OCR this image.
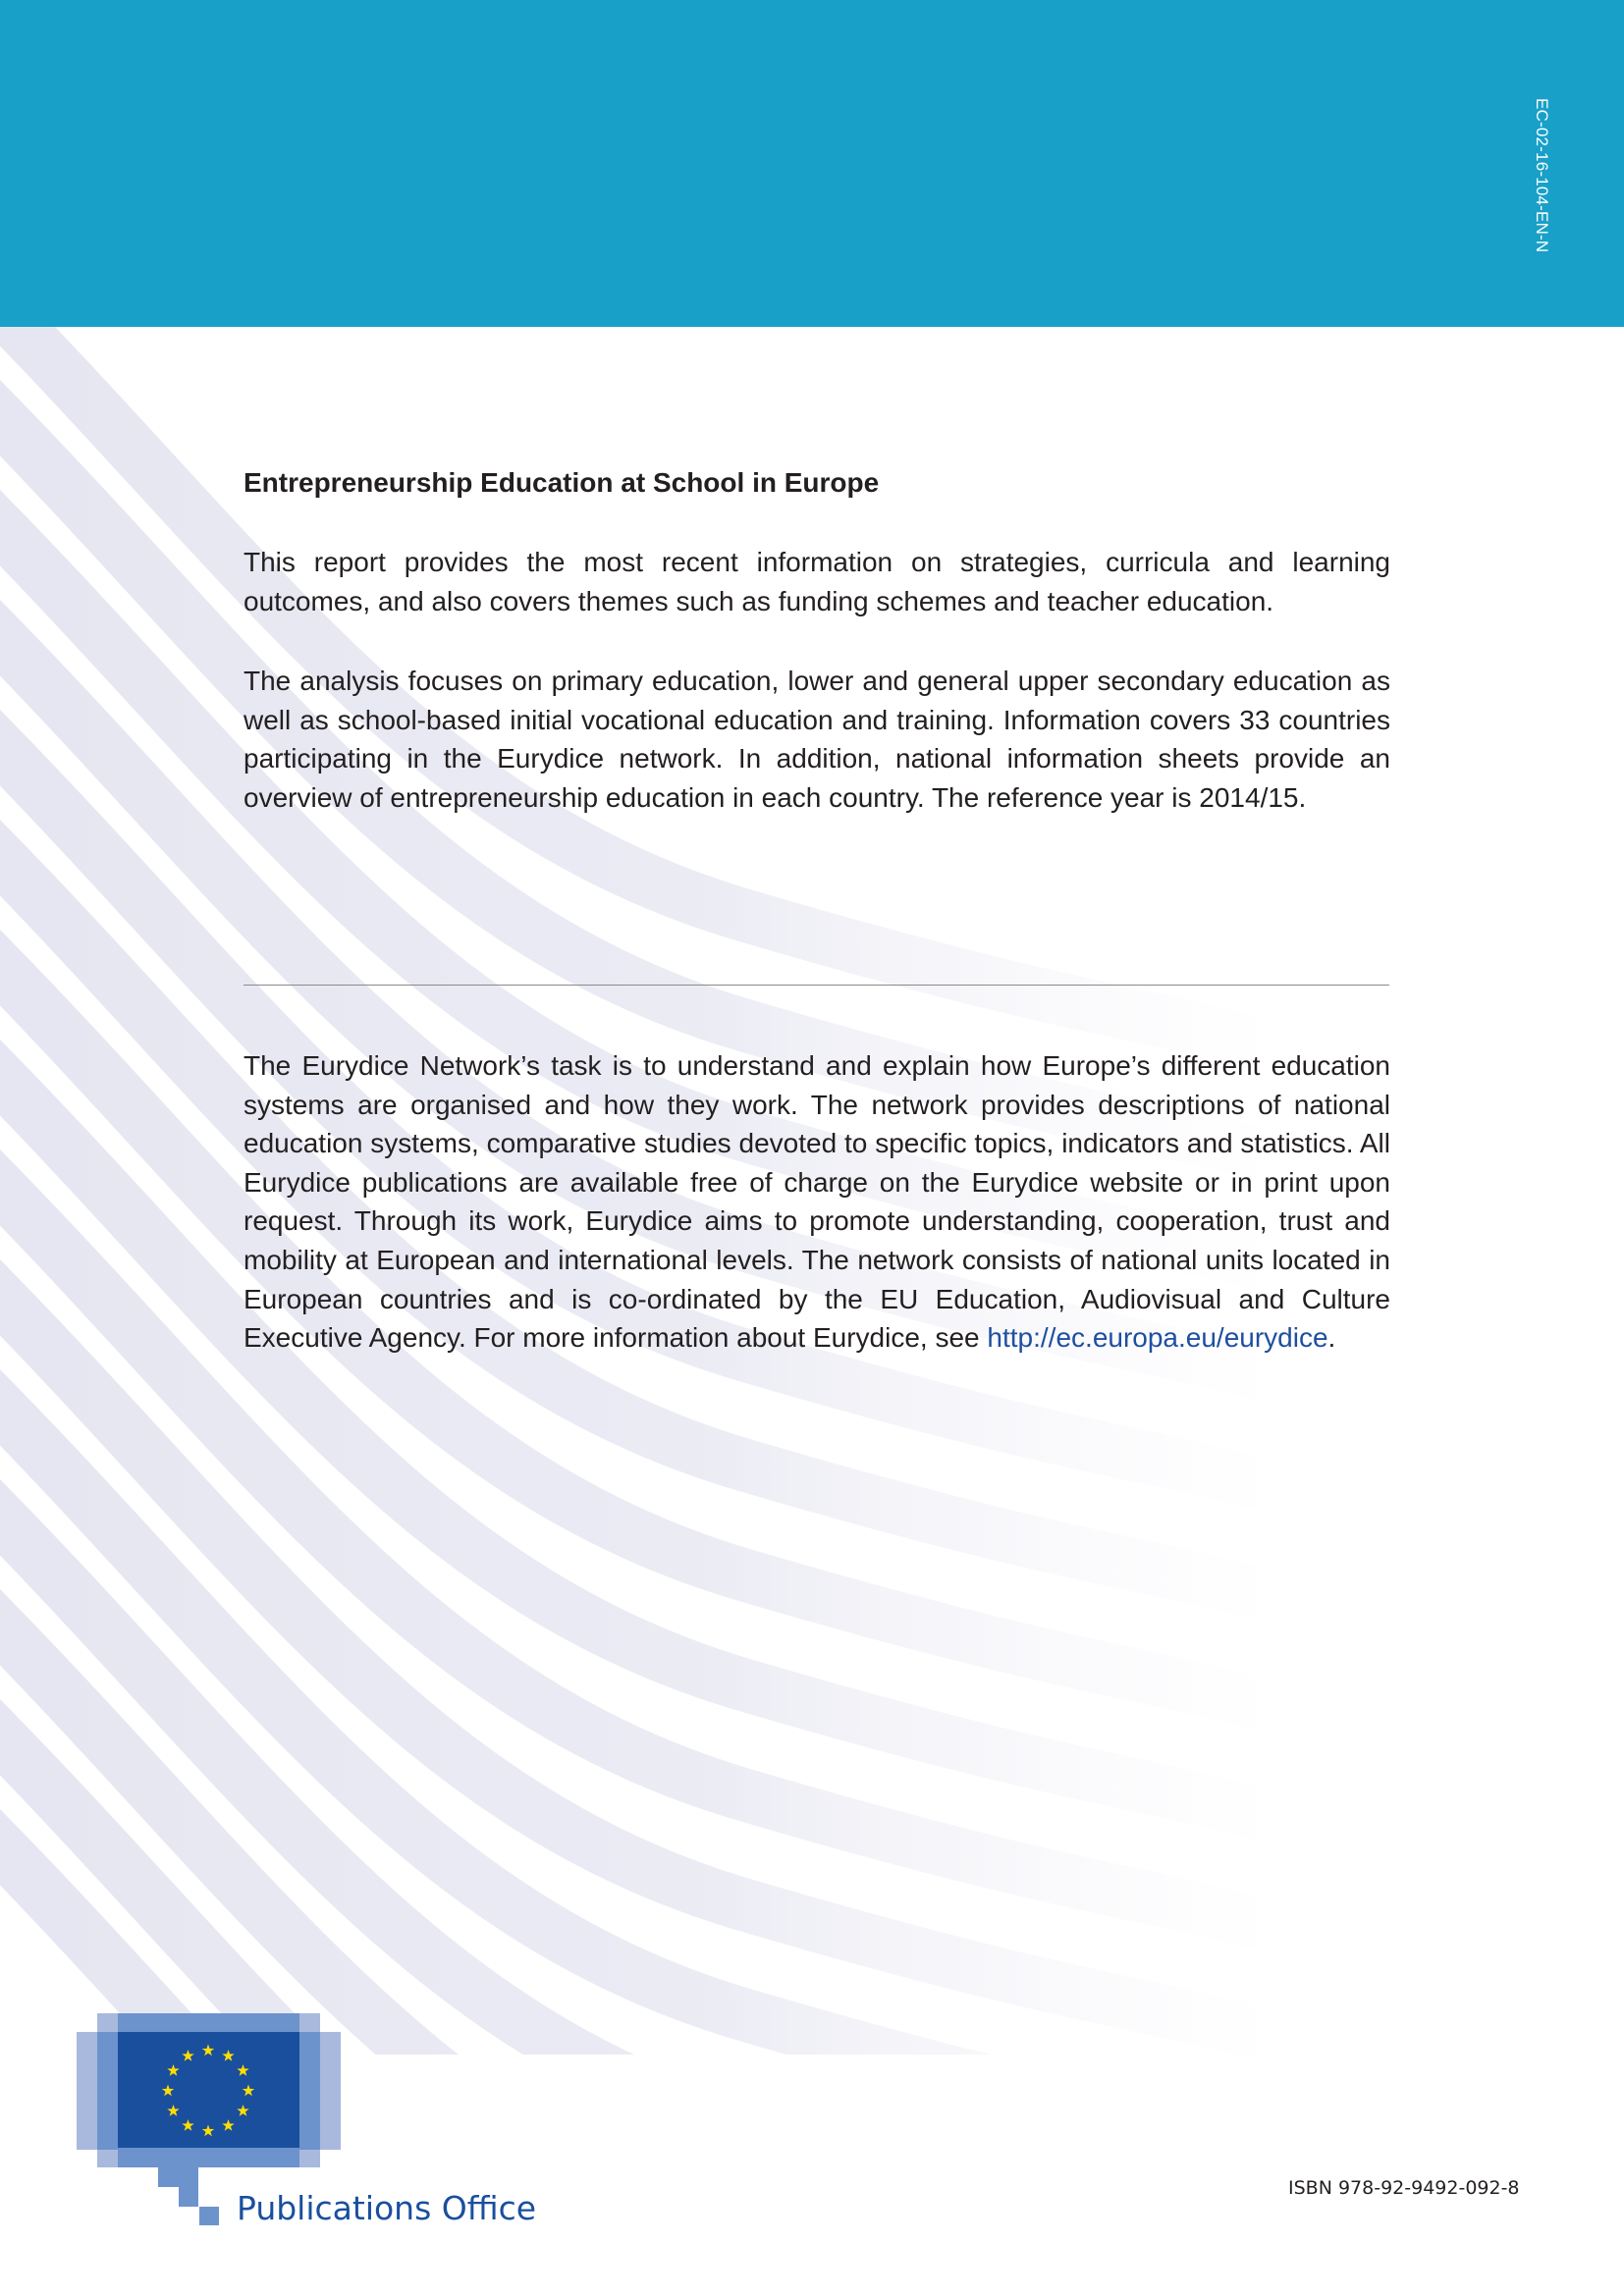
EC-02-16-104-EN-N
Entrepreneurship Education at School in Europe

This report provides the most recent information on strategies, curricula and learning outcomes, and also covers themes such as funding schemes and teacher education.

The analysis focuses on primary education, lower and general upper secondary education as well as school-based initial vocational education and training. Information covers 33 countries participating in the Eurydice network. In addition, national information sheets provide an overview of entrepreneurship education in each country. The reference year is 2014/15.

The Eurydice Network’s task is to understand and explain how Europe’s different education systems are organised and how they work. The network provides descriptions of national education systems, comparative studies devoted to specific topics, indicators and statistics. All Eurydice publications are available free of charge on the Eurydice website or in print upon request. Through its work, Eurydice aims to promote understanding, cooperation, trust and mobility at European and international levels. The network consists of national units located in European countries and is co-ordinated by the EU Education, Audiovisual and Culture Executive Agency. For more information about Eurydice, see http://ec.europa.eu/eurydice.

Publications Office
ISBN 978-92-9492-092-8
